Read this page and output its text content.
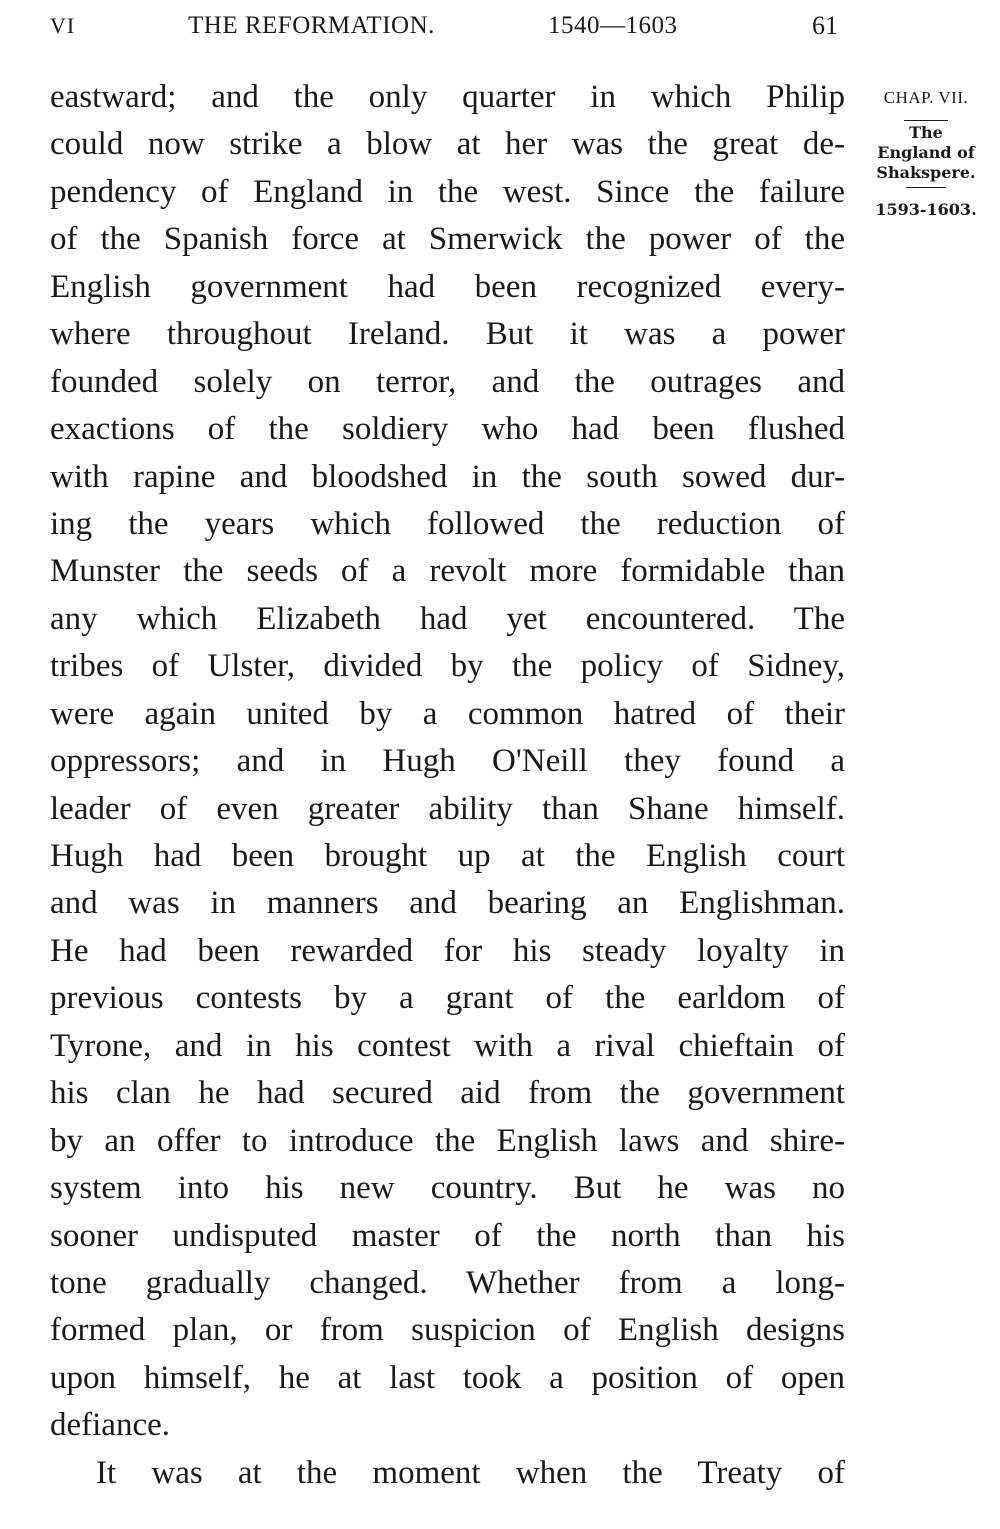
VI	THE REFORMATION.	1540—1603	61
eastward; and the only quarter in which Philip
could now strike a blow at her was the great de-
pendency of England in the west. Since the failure
of the Spanish force at Smerwick the power of the
English government had been recognized every-
where throughout Ireland. But it was a power
founded solely on terror, and the outrages and
exactions of the soldiery who had been flushed
with rapine and bloodshed in the south sowed dur-
ing the years which followed the reduction of
Munster the seeds of a revolt more formidable than
any which Elizabeth had yet encountered. The
tribes of Ulster, divided by the policy of Sidney,
were again united by a common hatred of their
oppressors; and in Hugh O'Neill they found a
leader of even greater ability than Shane himself.
Hugh had been brought up at the English court
and was in manners and bearing an Englishman.
He had been rewarded for his steady loyalty in
previous contests by a grant of the earldom of
Tyrone, and in his contest with a rival chieftain of
his clan he had secured aid from the government
by an offer to introduce the English laws and shire-
system into his new country. But he was no
sooner undisputed master of the north than his
tone gradually changed. Whether from a long-
formed plan, or from suspicion of English designs
upon himself, he at last took a position of open
defiance.
It was at the moment when the Treaty of
CHAP. VII.
The
England of
Shakspere.
1593-1603.
